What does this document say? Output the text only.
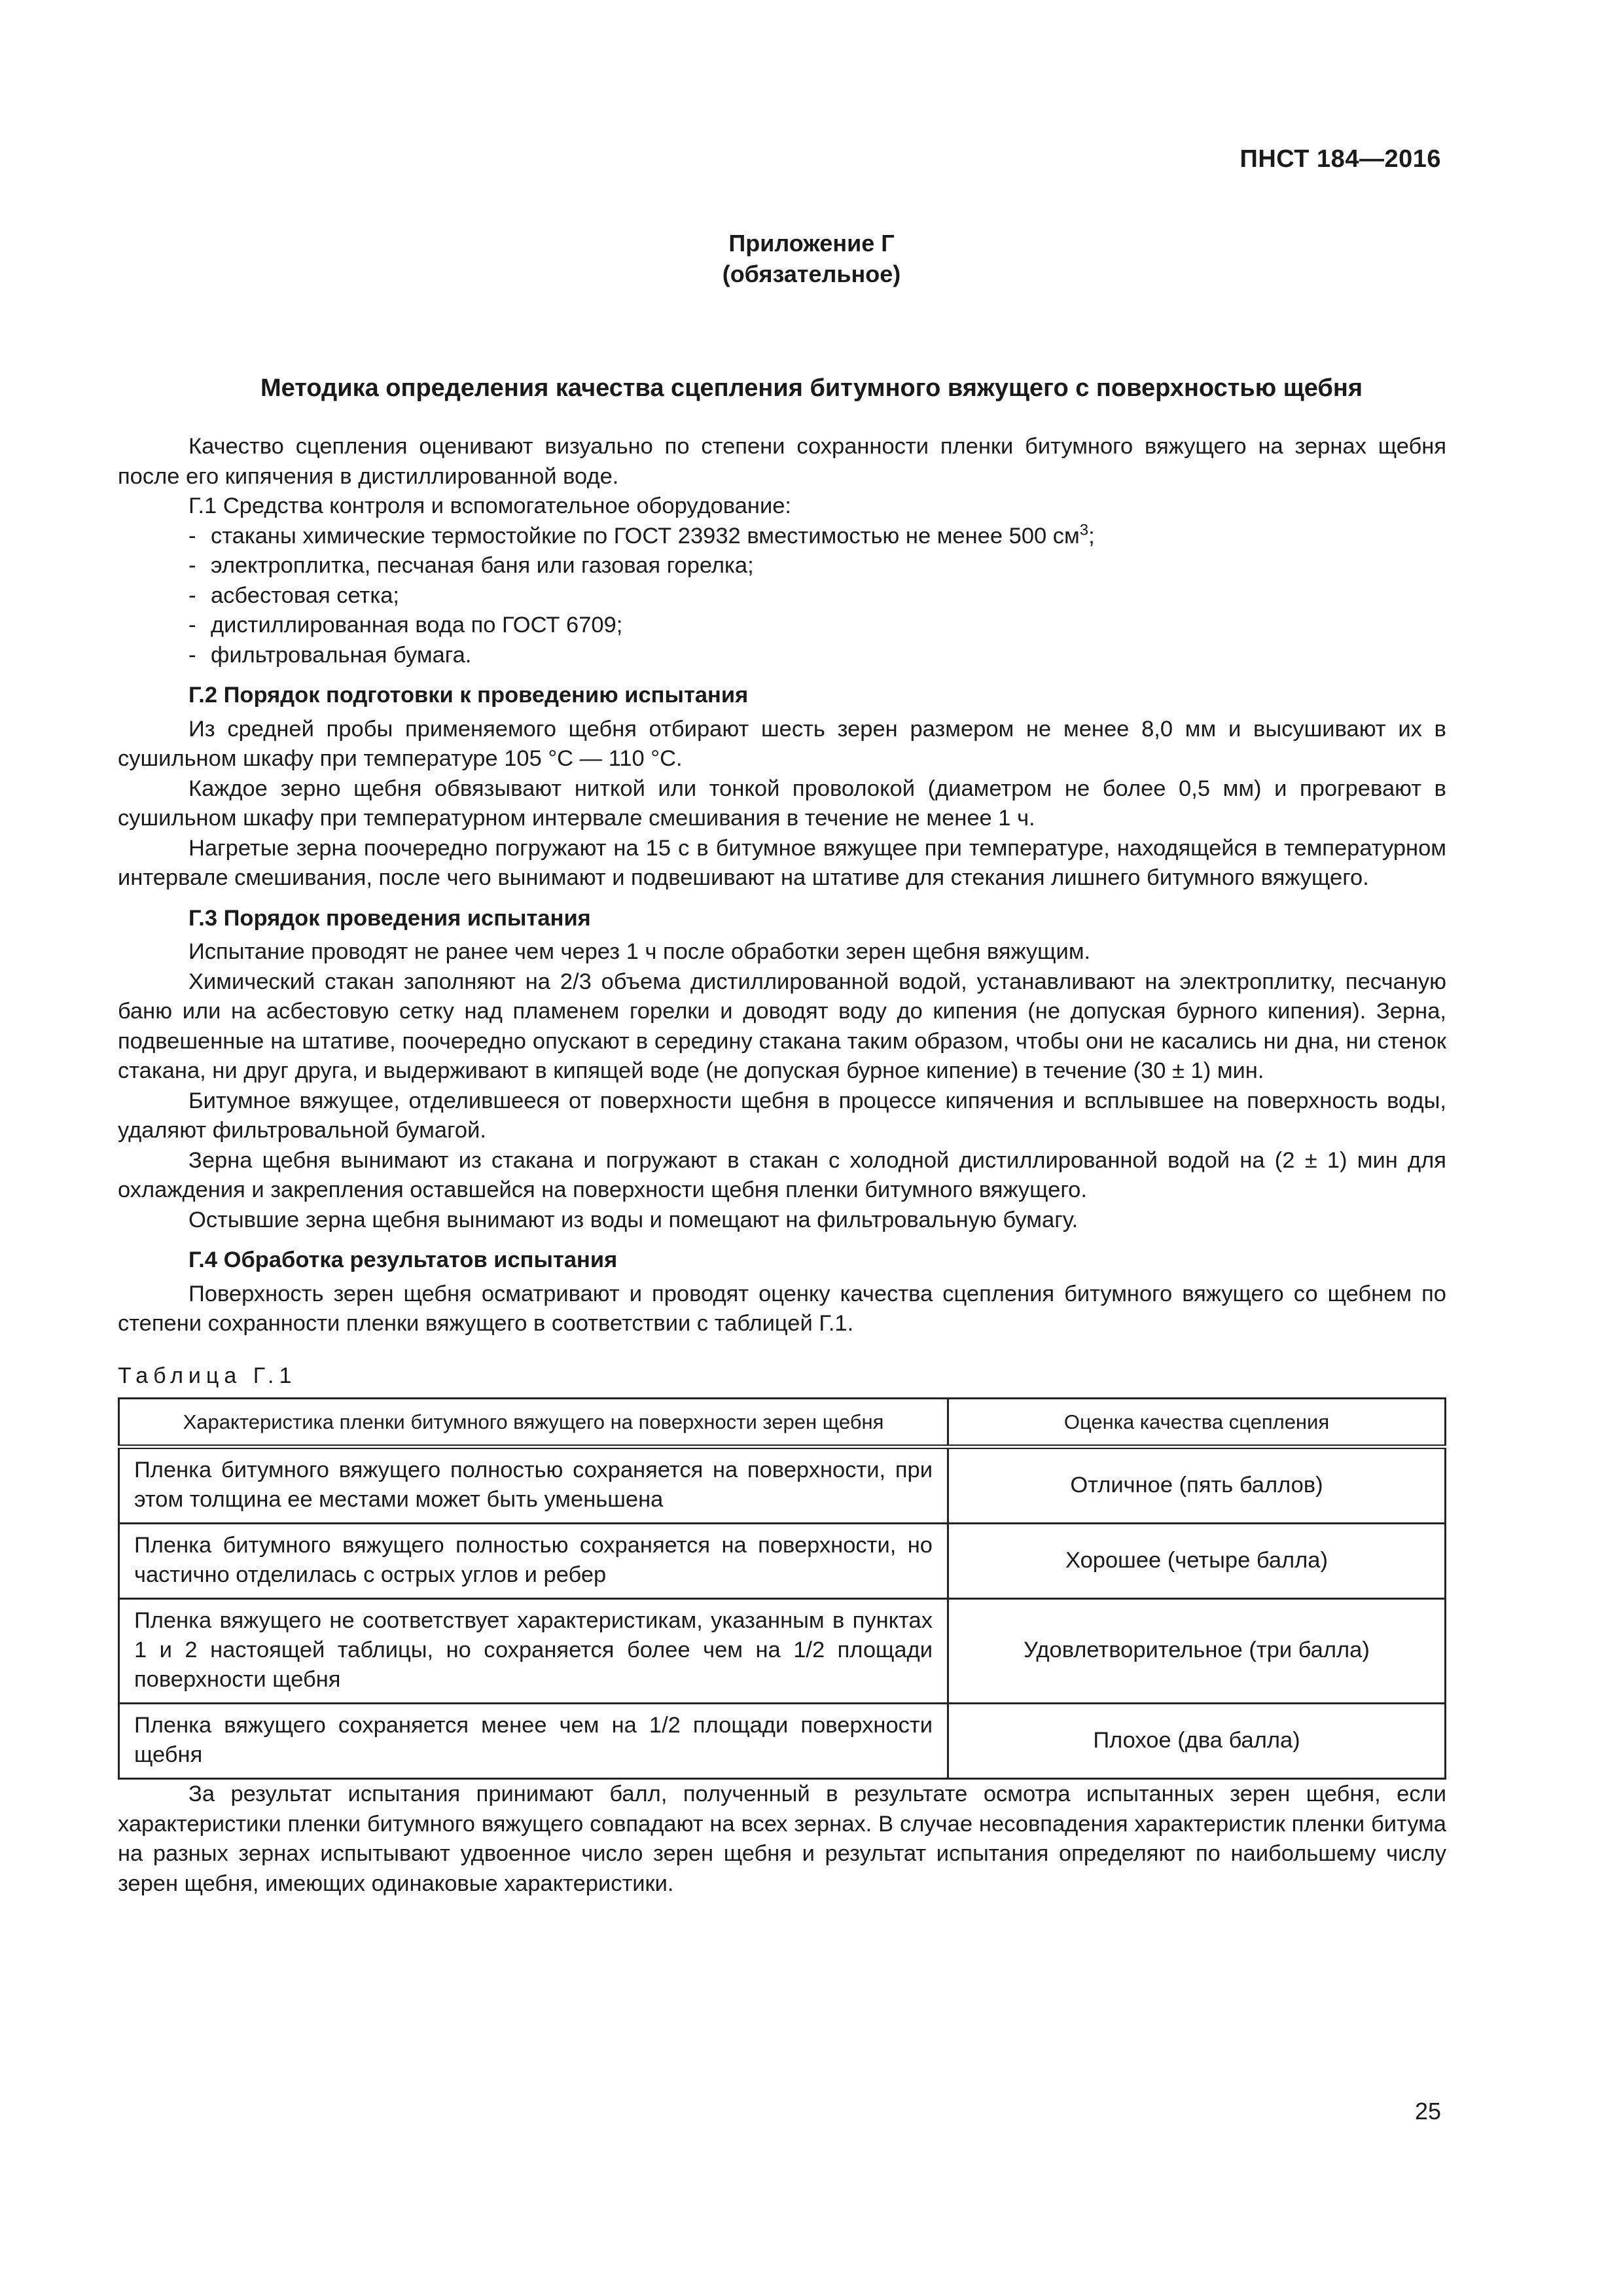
ПНСТ 184—2016
Приложение Г
(обязательное)
Методика определения качества сцепления битумного вяжущего с поверхностью щебня

Качество сцепления оценивают визуально по степени сохранности пленки битумного вяжущего на зернах щебня после его кипячения в дистиллированной воде.

Г.1 Средства контроля и вспомогательное оборудование:

- стаканы химические термостойкие по ГОСТ 23932 вместимостью не менее 500 $см^3$;

- электроплитка, песчаная баня или газовая горелка;

- асбестовая сетка;

- дистиллированная вода по ГОСТ 6709;

- фильтровальная бумага.

Г.2 Порядок подготовки к проведению испытания

Из средней пробы применяемого щебня отбирают шесть зерен размером не менее 8,0 мм и высушивают их в сушильном шкафу при температуре 105 °С — 110 °С.

Каждое зерно щебня обвязывают ниткой или тонкой проволокой (диаметром не более 0,5 мм) и прогревают в сушильном шкафу при температурном интервале смешивания в течение не менее 1 ч.

Нагретые зерна поочередно погружают на 15 с в битумное вяжущее при температуре, находящейся в температурном интервале смешивания, после чего вынимают и подвешивают на штативе для стекания лишнего битумного вяжущего.

Г.3 Порядок проведения испытания

Испытание проводят не ранее чем через 1 ч после обработки зерен щебня вяжущим.

Химический стакан заполняют на 2/3 объема дистиллированной водой, устанавливают на электроплитку, песчаную баню или на асбестовую сетку над пламенем горелки и доводят воду до кипения (не допуская бурного кипения). Зерна, подвешенные на штативе, поочередно опускают в середину стакана таким образом, чтобы они не касались ни дна, ни стенок стакана, ни друг друга, и выдерживают в кипящей воде (не допуская бурное кипение) в течение (30 ± 1) мин.

Битумное вяжущее, отделившееся от поверхности щебня в процессе кипячения и всплывшее на поверхность воды, удаляют фильтровальной бумагой.

Зерна щебня вынимают из стакана и погружают в стакан с холодной дистиллированной водой на (2 ± 1) мин для охлаждения и закрепления оставшейся на поверхности щебня пленки битумного вяжущего.

Остывшие зерна щебня вынимают из воды и помещают на фильтровальную бумагу.

Г.4 Обработка результатов испытания

Поверхность зерен щебня осматривают и проводят оценку качества сцепления битумного вяжущего со щебнем по степени сохранности пленки вяжущего в соответствии с таблицей Г.1.

Таблица Г.1
Характеристика пленки битумного вяжущего на поверхности зерен щебня	Оценка качества сцепления
Пленка битумного вяжущего полностью сохраняется на поверхности, при этом толщина ее местами может быть уменьшена	Отличное (пять баллов)
Пленка битумного вяжущего полностью сохраняется на поверхности, но частично отделилась с острых углов и ребер	Хорошее (четыре балла)
Пленка вяжущего не соответствует характеристикам, указанным в пунктах 1 и 2 настоящей таблицы, но сохраняется более чем на 1/2 площади поверхности щебня	Удовлетворительное (три балла)
Пленка вяжущего сохраняется менее чем на 1/2 площади поверхности щебня	Плохое (два балла)

За результат испытания принимают балл, полученный в результате осмотра испытанных зерен щебня, если характеристики пленки битумного вяжущего совпадают на всех зернах. В случае несовпадения характеристик пленки битума на разных зернах испытывают удвоенное число зерен щебня и результат испытания определяют по наибольшему числу зерен щебня, имеющих одинаковые характеристики.

25
